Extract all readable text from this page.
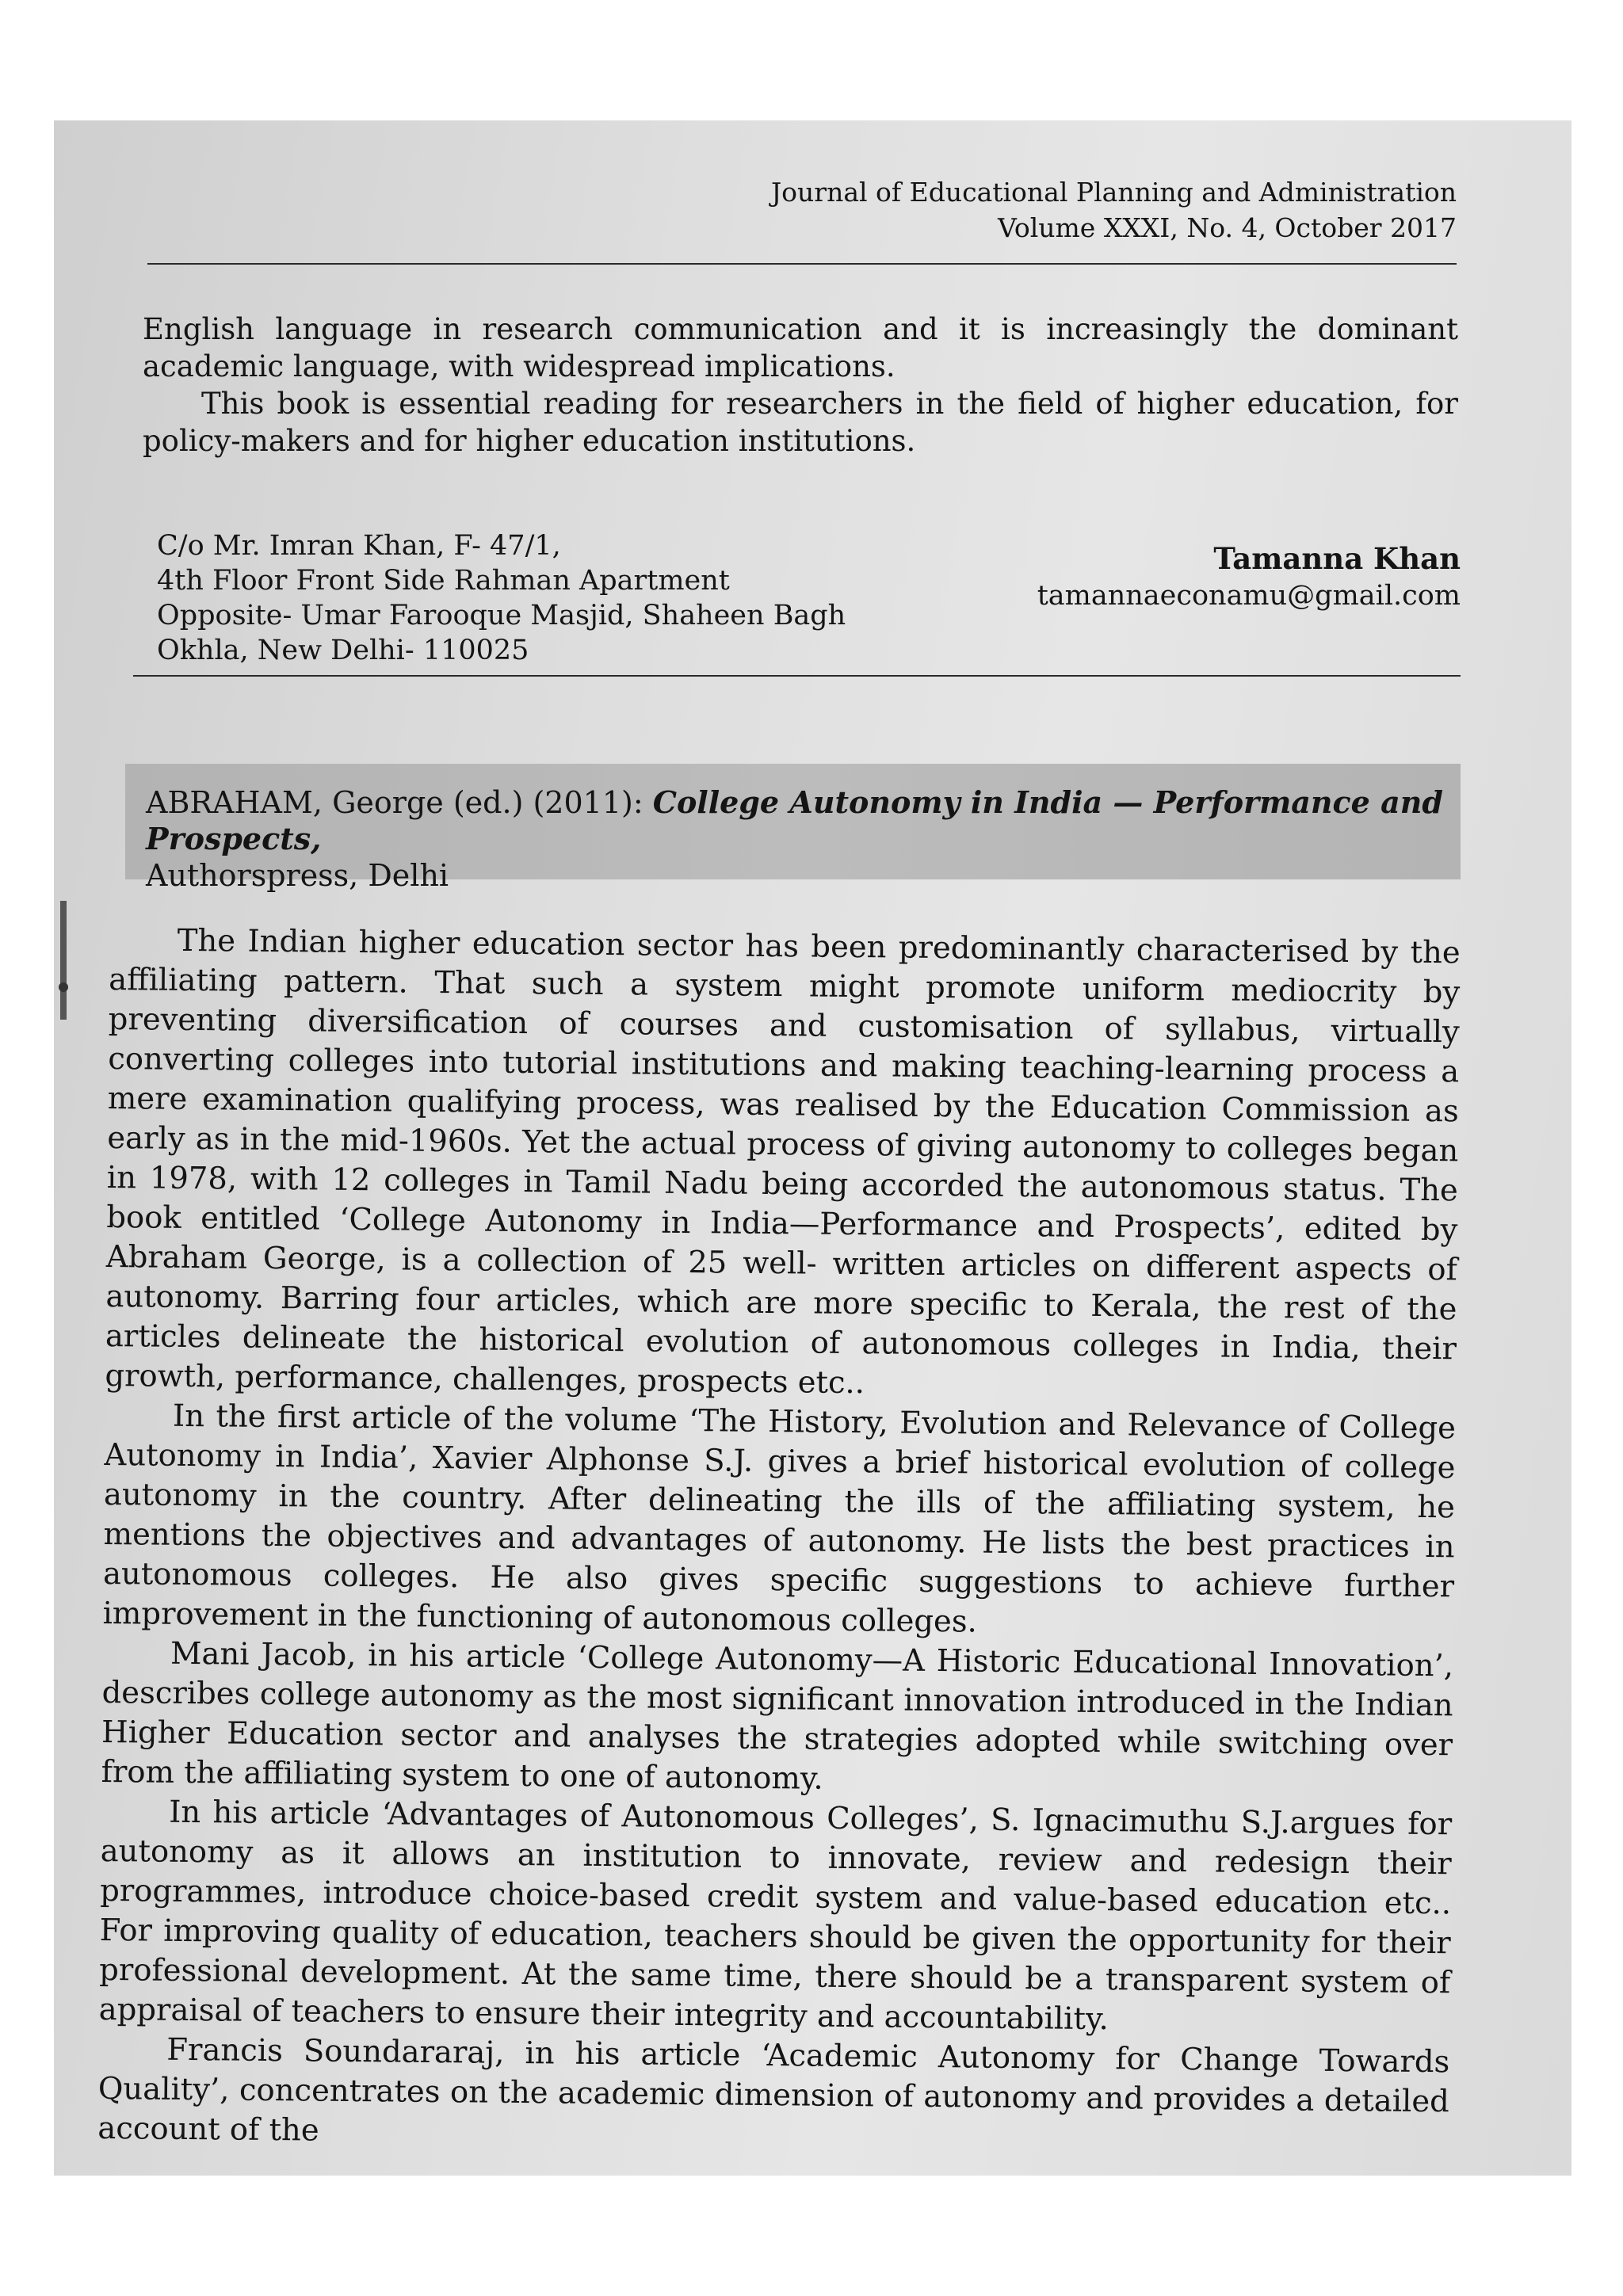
Journal of Educational Planning and Administration
Volume XXXI, No. 4, October 2017

English language in research communication and it is increasingly the dominant academic language, with widespread implications.

This book is essential reading for researchers in the field of higher education, for policy-makers and for higher education institutions.

C/o Mr. Imran Khan, F- 47/1,
4th Floor Front Side Rahman Apartment
Opposite- Umar Farooque Masjid, Shaheen Bagh
Okhla, New Delhi- 110025
Tamanna Khan
tamannaeconamu@gmail.com
ABRAHAM, George (ed.) (2011): College Autonomy in India — Performance and Prospects,
Authorspress, Delhi

The Indian higher education sector has been predominantly characterised by the affiliating pattern. That such a system might promote uniform mediocrity by preventing diversification of courses and customisation of syllabus, virtually converting colleges into tutorial institutions and making teaching-learning process a mere examination qualifying process, was realised by the Education Commission as early as in the mid-1960s. Yet the actual process of giving autonomy to colleges began in 1978, with 12 colleges in Tamil Nadu being accorded the autonomous status. The book entitled ‘College Autonomy in India—Performance and Prospects’, edited by Abraham George, is a collection of 25 well- written articles on different aspects of autonomy. Barring four articles, which are more specific to Kerala, the rest of the articles delineate the historical evolution of autonomous colleges in India, their growth, performance, challenges, prospects etc..

In the first article of the volume ‘The History, Evolution and Relevance of College Autonomy in India’, Xavier Alphonse S.J. gives a brief historical evolution of college autonomy in the country. After delineating the ills of the affiliating system, he mentions the objectives and advantages of autonomy. He lists the best practices in autonomous colleges. He also gives specific suggestions to achieve further improvement in the functioning of autonomous colleges.

Mani Jacob, in his article ‘College Autonomy—A Historic Educational Innovation’, describes college autonomy as the most significant innovation introduced in the Indian Higher Education sector and analyses the strategies adopted while switching over from the affiliating system to one of autonomy.

In his article ‘Advantages of Autonomous Colleges’, S. Ignacimuthu S.J.argues for autonomy as it allows an institution to innovate, review and redesign their programmes, introduce choice-based credit system and value-based education etc.. For improving quality of education, teachers should be given the opportunity for their professional development. At the same time, there should be a transparent system of appraisal of teachers to ensure their integrity and accountability.

Francis Soundararaj, in his article ‘Academic Autonomy for Change Towards Quality’, concentrates on the academic dimension of autonomy and provides a detailed account of the
